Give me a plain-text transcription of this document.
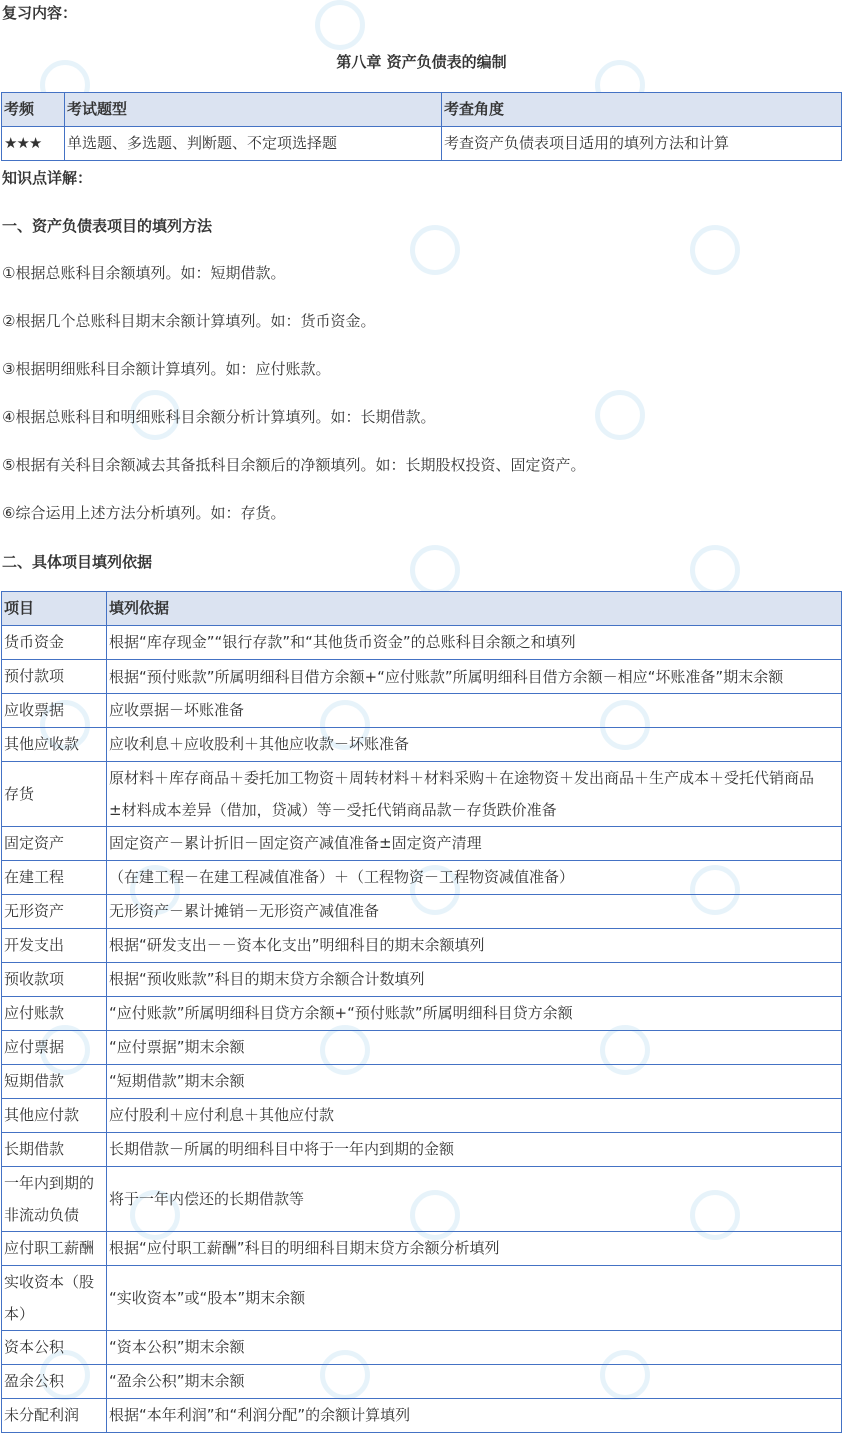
复习内容：
第八章 资产负债表的编制
考频	考试题型	考查角度
★★★	单选题、多选题、判断题、不定项选择题	考查资产负债表项目适用的填列方法和计算
知识点详解：
一、资产负债表项目的填列方法
①根据总账科目余额填列。如：短期借款。
②根据几个总账科目期末余额计算填列。如：货币资金。
③根据明细账科目余额计算填列。如：应付账款。
④根据总账科目和明细账科目余额分析计算填列。如：长期借款。
⑤根据有关科目余额减去其备抵科目余额后的净额填列。如：长期股权投资、固定资产。
⑥综合运用上述方法分析填列。如：存货。
二、具体项目填列依据
项目	填列依据
货币资金	根据“库存现金”“银行存款”和“其他货币资金”的总账科目余额之和填列
预付款项	根据“预付账款”所属明细科目借方余额+“应付账款”所属明细科目借方余额－相应“坏账准备”期末余额
应收票据	应收票据－坏账准备
其他应收款	应收利息＋应收股利＋其他应收款－坏账准备
存货	原材料＋库存商品＋委托加工物资＋周转材料＋材料采购＋在途物资＋发出商品＋生产成本＋受托代销商品±材料成本差异（借加，贷减）等－受托代销商品款－存货跌价准备
固定资产	固定资产－累计折旧－固定资产减值准备±固定资产清理
在建工程	（在建工程－在建工程减值准备）＋（工程物资－工程物资减值准备）
无形资产	无形资产－累计摊销－无形资产减值准备
开发支出	根据“研发支出－－资本化支出”明细科目的期末余额填列
预收款项	根据“预收账款”科目的期末贷方余额合计数填列
应付账款	“应付账款”所属明细科目贷方余额+“预付账款”所属明细科目贷方余额
应付票据	“应付票据”期末余额
短期借款	“短期借款”期末余额
其他应付款	应付股利＋应付利息＋其他应付款
长期借款	长期借款－所属的明细科目中将于一年内到期的金额
一年内到期的非流动负债	将于一年内偿还的长期借款等
应付职工薪酬	根据“应付职工薪酬”科目的明细科目期末贷方余额分析填列
实收资本（股本）	“实收资本”或“股本”期末余额
资本公积	“资本公积”期末余额
盈余公积	“盈余公积”期末余额
未分配利润	根据“本年利润”和“利润分配”的余额计算填列
